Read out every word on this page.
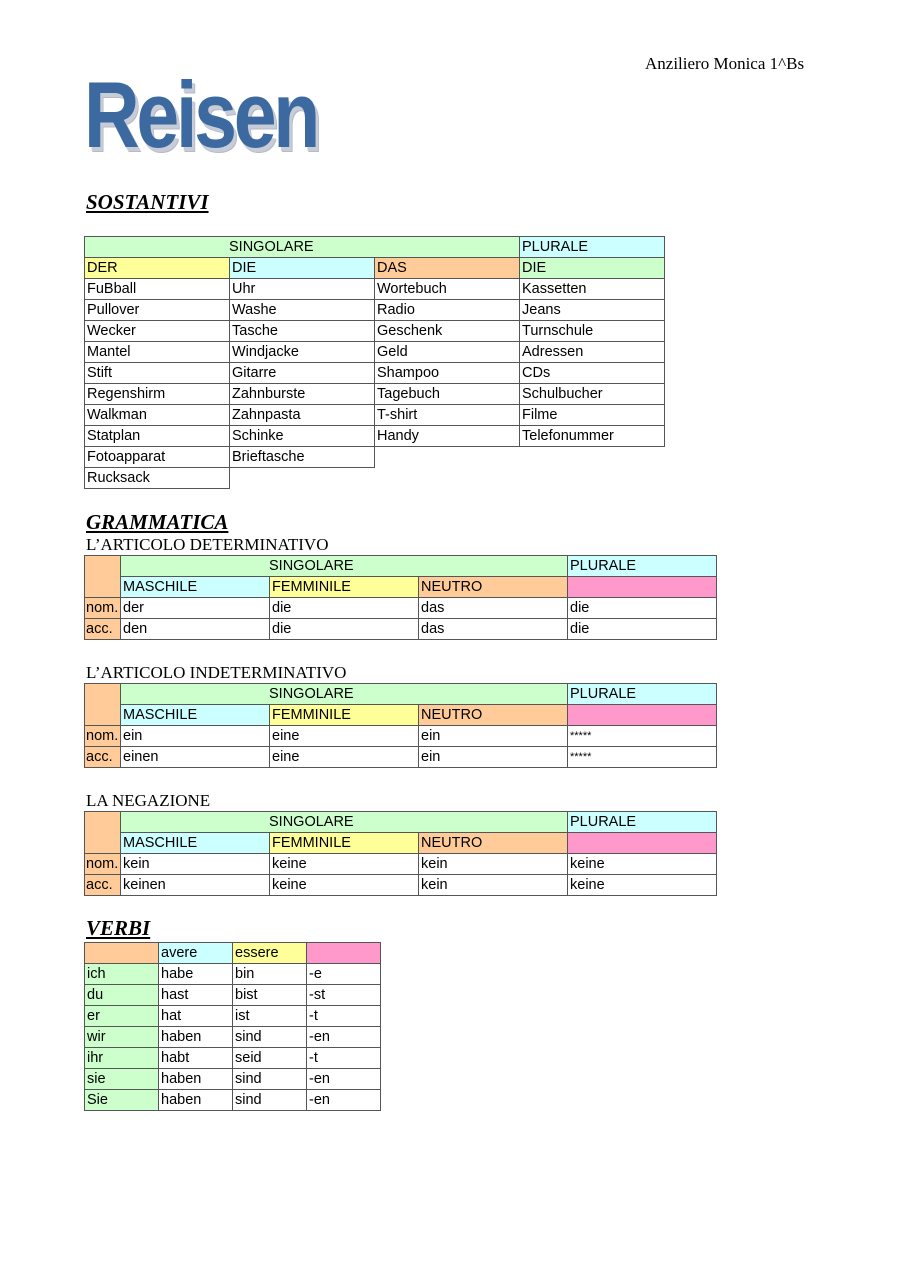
Anziliero Monica 1^Bs
Reisen
SOSTANTIVI
SINGOLARE			PLURALE
DER	DIE	DAS	DIE
FuBball	Uhr	Wortebuch	Kassetten
Pullover	Washe	Radio	Jeans
Wecker	Tasche	Geschenk	Turnschule
Mantel	Windjacke	Geld	Adressen
Stift	Gitarre	Shampoo	CDs
Regenshirm	Zahnburste	Tagebuch	Schulbucher
Walkman	Zahnpasta	T-shirt	Filme
Statplan	Schinke	Handy	Telefonummer
Fotoapparat	Brieftasche		
Rucksack			
GRAMMATICA
L’ARTICOLO DETERMINATIVO
	SINGOLARE			PLURALE
	MASCHILE	FEMMINILE	NEUTRO	
nom.	der	die	das	die
acc.	den	die	das	die
L’ARTICOLO INDETERMINATIVO
	SINGOLARE			PLURALE
	MASCHILE	FEMMINILE	NEUTRO	
nom.	ein	eine	ein	*****
acc.	einen	eine	ein	*****
LA NEGAZIONE
	SINGOLARE			PLURALE
	MASCHILE	FEMMINILE	NEUTRO	
nom.	kein	keine	kein	keine
acc.	keinen	keine	kein	keine
VERBI
	avere	essere	
ich	habe	bin	-e
du	hast	bist	-st
er	hat	ist	-t
wir	haben	sind	-en
ihr	habt	seid	-t
sie	haben	sind	-en
Sie	haben	sind	-en
